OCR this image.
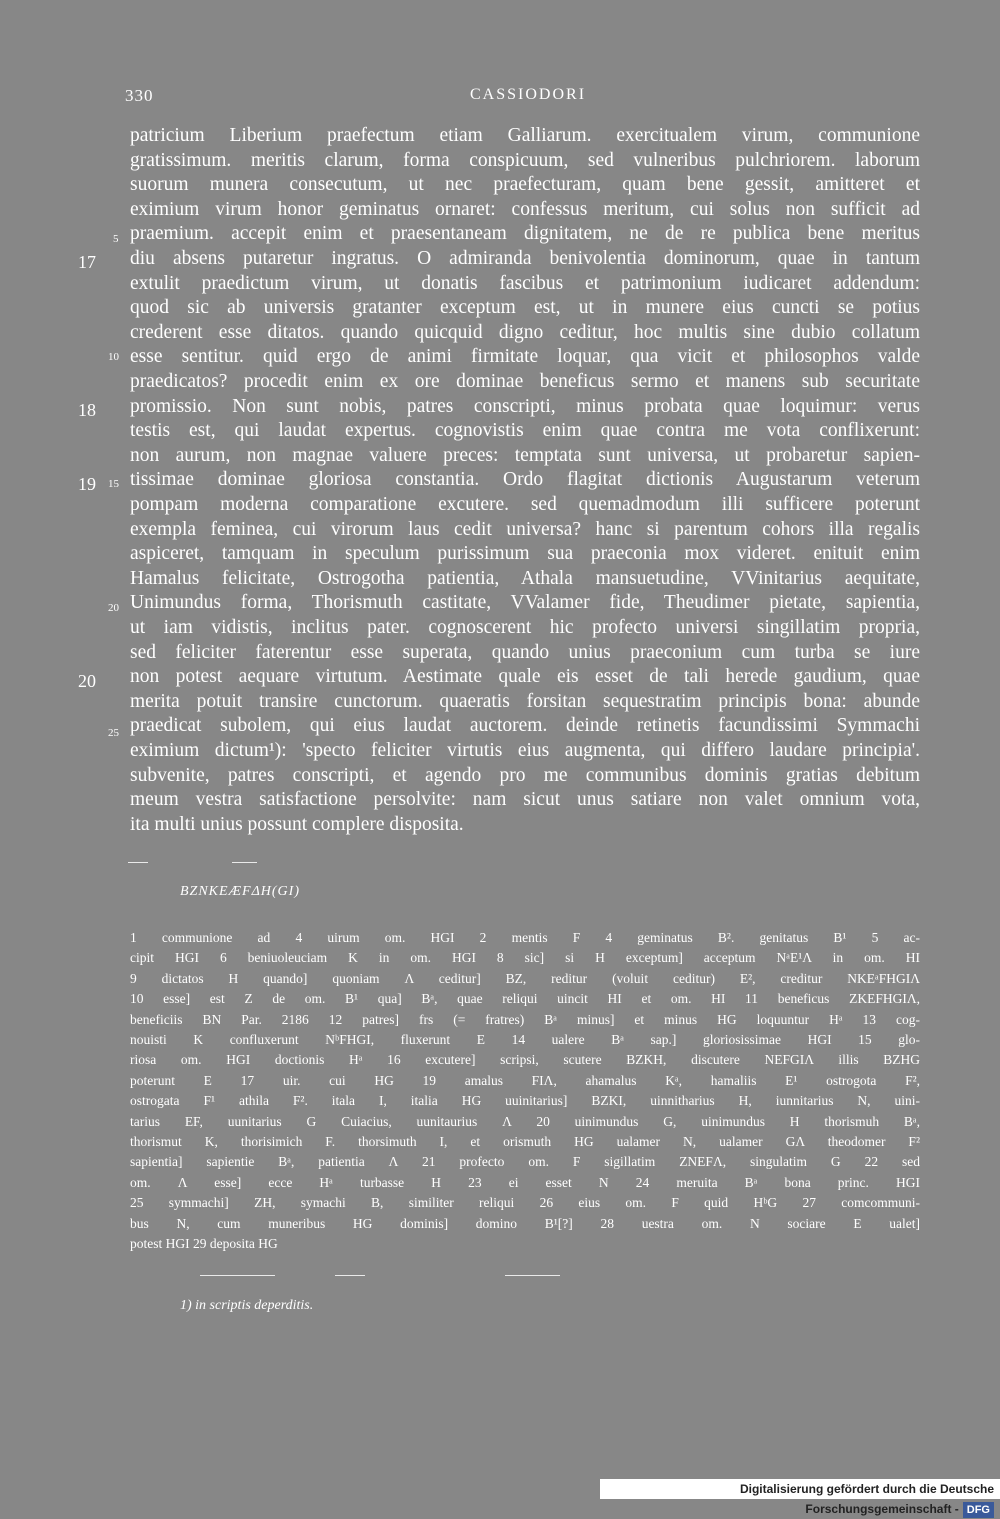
330	CASSIODORI
patricium Liberium praefectum etiam Galliarum. exercitualem virum, communione
gratissimum. meritis clarum, forma conspicuum, sed vulneribus pulchriorem. laborum
suorum munera consecutum, ut nec praefecturam, quam bene gessit, amitteret et
eximium virum honor geminatus ornaret: confessus meritum, cui solus non sufficit ad
praemium. accepit enim et praesentaneam dignitatem, ne de re publica bene meritus
diu absens putaretur ingratus. O admiranda benivolentia dominorum, quae in tantum
extulit praedictum virum, ut donatis fascibus et patrimonium iudicaret addendum:
quod sic ab universis gratanter exceptum est, ut in munere eius cuncti se potius
crederent esse ditatos. quando quicquid digno ceditur, hoc multis sine dubio collatum
esse sentitur. quid ergo de animi firmitate loquar, qua vicit et philosophos valde
praedicatos? procedit enim ex ore dominae beneficus sermo et manens sub securitate
promissio. Non sunt nobis, patres conscripti, minus probata quae loquimur: verus
testis est, qui laudat expertus. cognovistis enim quae contra me vota conflixerunt:
non aurum, non magnae valuere preces: temptata sunt universa, ut probaretur sapien-
tissimae dominae gloriosa constantia. Ordo flagitat dictionis Augustarum veterum
pompam moderna comparatione excutere. sed quemadmodum illi sufficere poterunt
exempla feminea, cui virorum laus cedit universa? hanc si parentum cohors illa regalis
aspiceret, tamquam in speculum purissimum sua praeconia mox videret. enituit enim
Hamalus felicitate, Ostrogotha patientia, Athala mansuetudine, VVinitarius aequitate,
Unimundus forma, Thorismuth castitate, VValamer fide, Theudimer pietate, sapientia,
ut iam vidistis, inclitus pater. cognoscerent hic profecto universi singillatim propria,
sed feliciter faterentur esse superata, quando unius praeconium cum turba se iure
non potest aequare virtutum. Aestimate quale eis esset de tali herede gaudium, quae
merita potuit transire cunctorum. quaeratis forsitan sequestratim principis bona: abunde
praedicat subolem, qui eius laudat auctorem. deinde retinetis facundissimi Symmachi
eximium dictum¹): 'specto feliciter virtutis eius augmenta, qui differo laudare principia'.
subvenite, patres conscripti, et agendo pro me communibus dominis gratias debitum
meum vestra satisfactione persolvite: nam sicut unus satiare non valet omnium vota,
ita multi unius possunt complere disposita.
17
18
19
20
5
10
15
20
25
BZNKEÆFΔH(GΙ)
1 communione ad 4 uirum om. HGI 2 mentis F 4 geminatus B². genitatus B¹ 5 ac-
cipit HGI 6 beniuoleuciam K in om. HGI 8 sic] si H exceptum] acceptum NᵃE¹Λ in om. HI
9 dictatos H quando] quoniam Λ ceditur] BZ, reditur (voluit ceditur) E², creditur NKEᵃFHGIΛ
10 esse] est Z de om. B¹ qua] Bᵃ, quae reliqui uincit HI et om. HI 11 beneficus ZKEFHGIΛ,
beneficiis BN Par. 2186 12 patres] frs (= fratres) Bᵃ minus] et minus HG loquuntur Hᵃ 13 cog-
nouisti K confluxerunt NᵇFHGI, fluxerunt E 14 ualere Bᵃ sap.] gloriosissimae HGI 15 glo-
riosa om. HGI doctionis Hᵃ 16 excutere] scripsi, scutere BZKH, discutere NEFGIΛ illis BZHG
poterunt E 17 uir. cui HG 19 amalus FIΛ, ahamalus Kᵃ, hamaliis E¹ ostrogota F²,
ostrogata F¹ athila F². itala I, italia HG uuinitarius] BZKI, uinnitharius H, iunnitarius N, uini-
tarius EF, uunitarius G Cuiacius, uunitaurius Λ 20 uinimundus G, uinimundus H thorismuh Bᵃ,
thorismut K, thorisimich F. thorsimuth I, et orismuth HG ualamer N, ualamer GΛ theodomer F²
sapientia] sapientie Bᵃ, patientia Λ 21 profecto om. F sigillatim ZNEFΛ, singulatim G 22 sed
om. Λ esse] ecce Hᵃ turbasse H 23 ei esset N 24 meruita Bᵃ bona princ. HGI
25 symmachi] ZH, symachi B, similiter reliqui 26 eius om. F quid HᵇG 27 comcommuni-
bus N, cum muneribus HG dominis] domino B¹[?] 28 uestra om. N sociare E ualet]
potest HGI 29 deposita HG
1) in scriptis deperditis.
Digitalisierung gefördert durch die Deutsche Forschungsgemeinschaft - DFG
